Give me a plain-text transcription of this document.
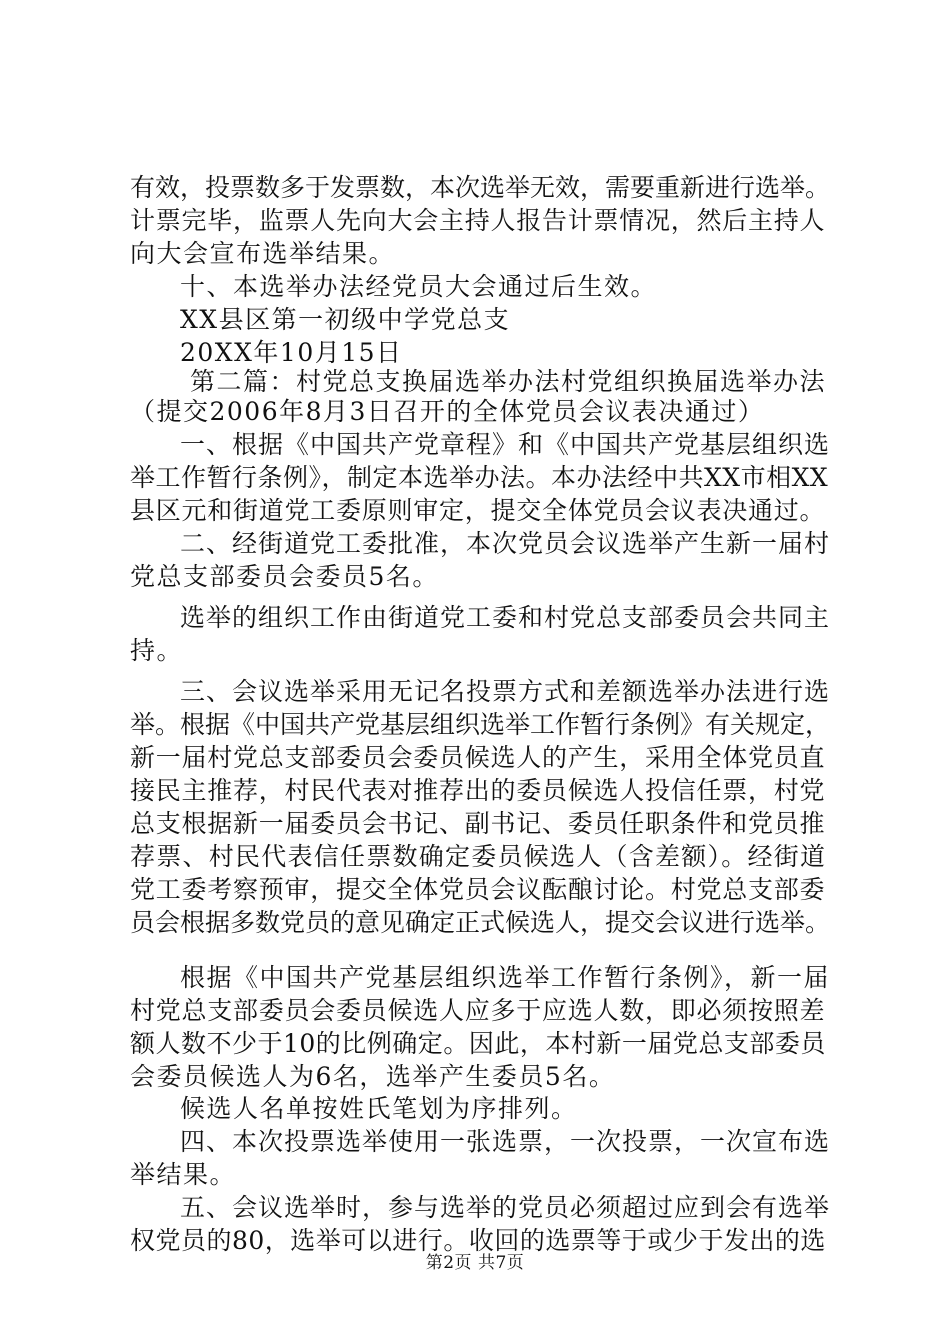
有效，投票数多于发票数，本次选举无效，需要重新进行选举。
计票完毕，监票人先向大会主持人报告计票情况，然后主持人
向大会宣布选举结果。
十、本选举办法经党员大会通过后生效。
XX县区第一初级中学党总支
20XX年10月15日
第二篇：村党总支换届选举办法村党组织换届选举办法
（提交2006年8月3日召开的全体党员会议表决通过）
一、根据《中国共产党章程》和《中国共产党基层组织选
举工作暂行条例》，制定本选举办法。本办法经中共XX市相XX
县区元和街道党工委原则审定，提交全体党员会议表决通过。
二、经街道党工委批准，本次党员会议选举产生新一届村
党总支部委员会委员5名。
选举的组织工作由街道党工委和村党总支部委员会共同主
持。
三、会议选举采用无记名投票方式和差额选举办法进行选
举。根据《中国共产党基层组织选举工作暂行条例》有关规定，
新一届村党总支部委员会委员候选人的产生，采用全体党员直
接民主推荐，村民代表对推荐出的委员候选人投信任票，村党
总支根据新一届委员会书记、副书记、委员任职条件和党员推
荐票、村民代表信任票数确定委员候选人（含差额）。经街道
党工委考察预审，提交全体党员会议酝酿讨论。村党总支部委
员会根据多数党员的意见确定正式候选人，提交会议进行选举。
根据《中国共产党基层组织选举工作暂行条例》，新一届
村党总支部委员会委员候选人应多于应选人数，即必须按照差
额人数不少于10的比例确定。因此，本村新一届党总支部委员
会委员候选人为6名，选举产生委员5名。
候选人名单按姓氏笔划为序排列。
四、本次投票选举使用一张选票，一次投票，一次宣布选
举结果。
五、会议选举时，参与选举的党员必须超过应到会有选举
权党员的80，选举可以进行。收回的选票等于或少于发出的选
第2页 共7页
